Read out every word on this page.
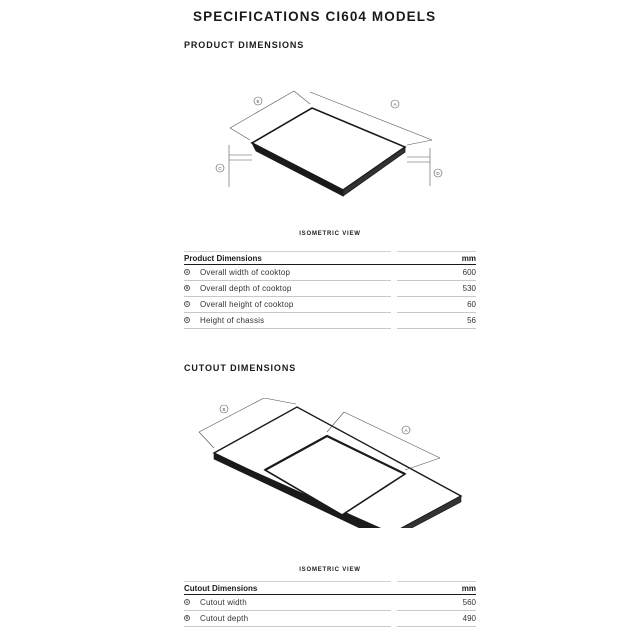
SPECIFICATIONS CI604 MODELS
PRODUCT DIMENSIONS
B
A
C
D
ISOMETRIC VIEW
Product Dimensions	mm
A Overall width of cooktop	600
B Overall depth of cooktop	530
C Overall height of cooktop	60
D Height of chassis	56
CUTOUT DIMENSIONS
B
A
ISOMETRIC VIEW
Cutout Dimensions	mm
A Cutout width	560
B Cutout depth	490
